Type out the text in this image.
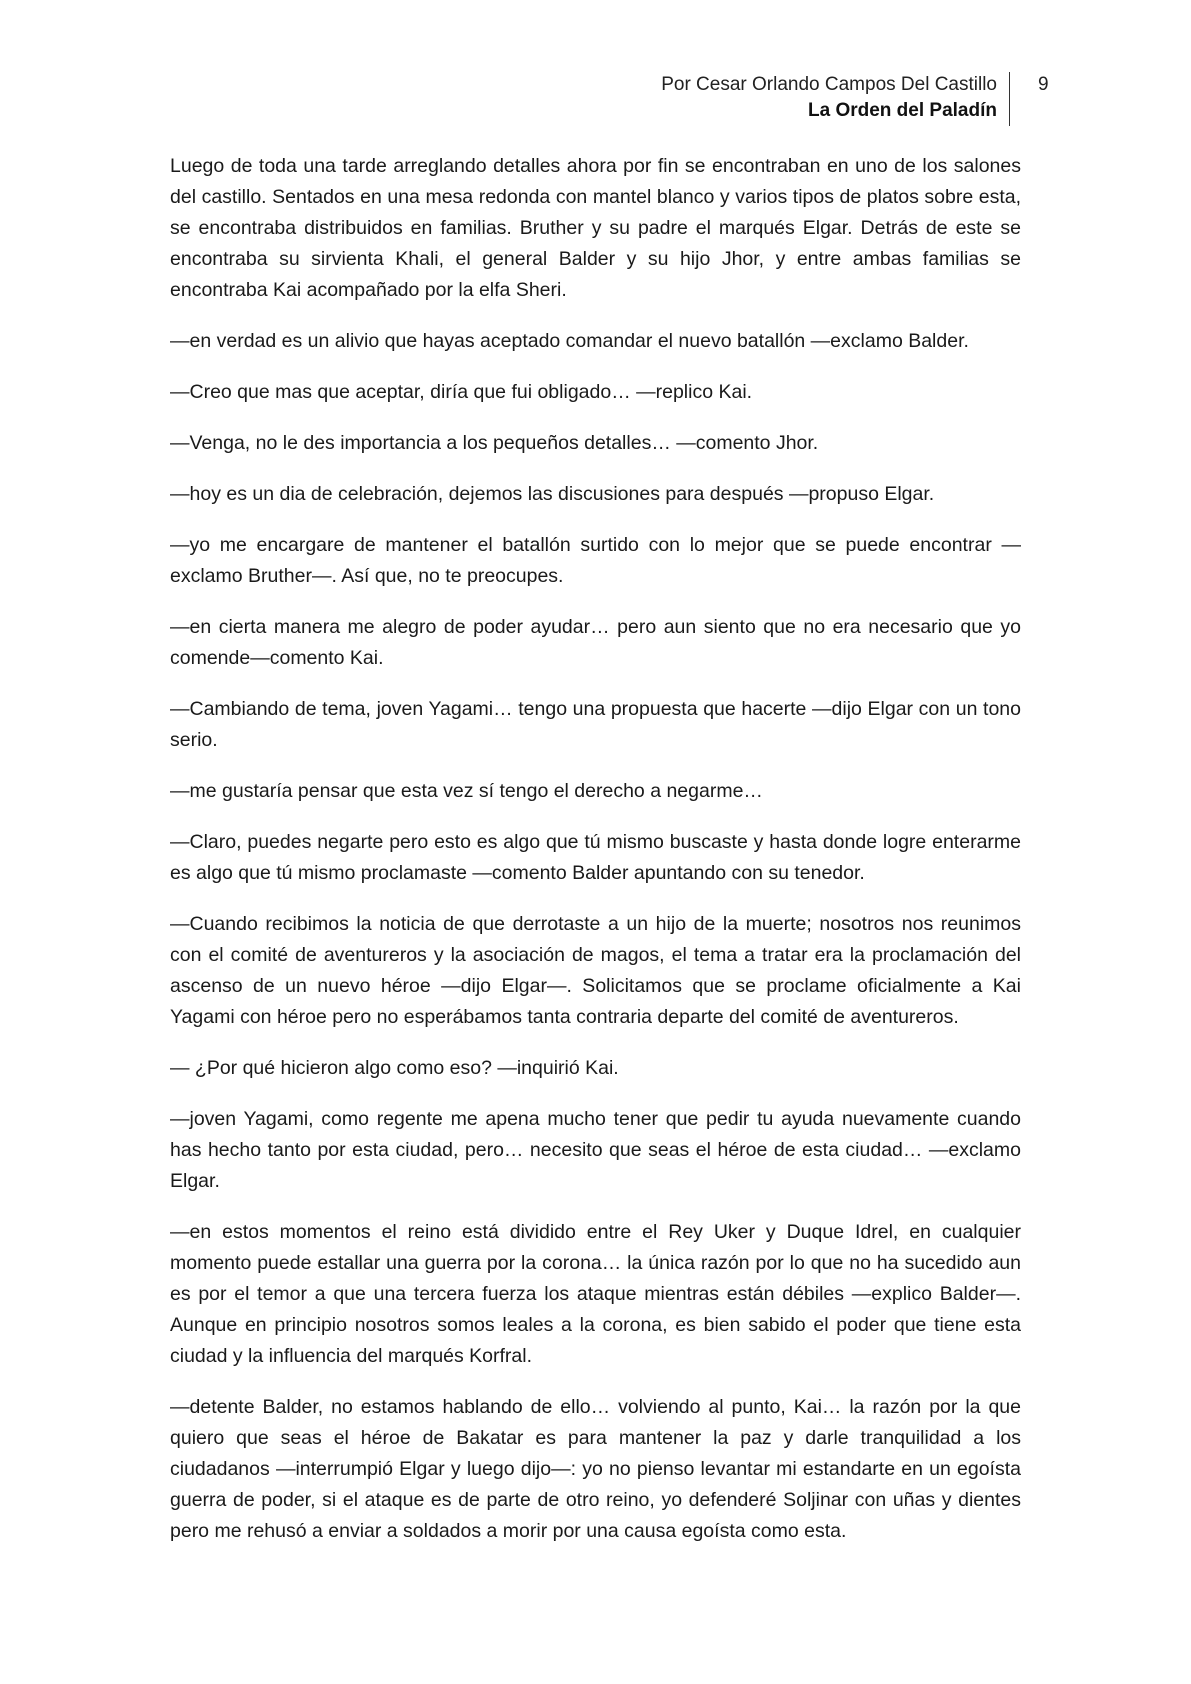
Por Cesar Orlando Campos Del Castillo
La Orden del Paladín
9

Luego de toda una tarde arreglando detalles ahora por fin se encontraban en uno de los salones del castillo. Sentados en una mesa redonda con mantel blanco y varios tipos de platos sobre esta, se encontraba distribuidos en familias. Bruther y su padre el marqués Elgar. Detrás de este se encontraba su sirvienta Khali, el general Balder y su hijo Jhor, y entre ambas familias se encontraba Kai acompañado por la elfa Sheri.

—en verdad es un alivio que hayas aceptado comandar el nuevo batallón —exclamo Balder.

—Creo que mas que aceptar, diría que fui obligado… —replico Kai.

—Venga, no le des importancia a los pequeños detalles… —comento Jhor.

—hoy es un dia de celebración, dejemos las discusiones para después —propuso Elgar.

—yo me encargare de mantener el batallón surtido con lo mejor que se puede encontrar —exclamo Bruther—. Así que, no te preocupes.

—en cierta manera me alegro de poder ayudar… pero aun siento que no era necesario que yo comende—comento Kai.

—Cambiando de tema, joven Yagami… tengo una propuesta que hacerte —dijo Elgar con un tono serio.

—me gustaría pensar que esta vez sí tengo el derecho a negarme…

—Claro, puedes negarte pero esto es algo que tú mismo buscaste y hasta donde logre enterarme es algo que tú mismo proclamaste —comento Balder apuntando con su tenedor.

—Cuando recibimos la noticia de que derrotaste a un hijo de la muerte; nosotros nos reunimos con el comité de aventureros y la asociación de magos, el tema a tratar era la proclamación del ascenso de un nuevo héroe —dijo Elgar—. Solicitamos que se proclame oficialmente a Kai Yagami con héroe pero no esperábamos tanta contraria departe del comité de aventureros.

— ¿Por qué hicieron algo como eso? —inquirió Kai.

—joven Yagami, como regente me apena mucho tener que pedir tu ayuda nuevamente cuando has hecho tanto por esta ciudad, pero… necesito que seas el héroe de esta ciudad… —exclamo Elgar.

—en estos momentos el reino está dividido entre el Rey Uker y Duque Idrel, en cualquier momento puede estallar una guerra por la corona… la única razón por lo que no ha sucedido aun es por el temor a que una tercera fuerza los ataque mientras están débiles —explico Balder—. Aunque en principio nosotros somos leales a la corona, es bien sabido el poder que tiene esta ciudad y la influencia del marqués Korfral.

—detente Balder, no estamos hablando de ello… volviendo al punto, Kai… la razón por la que quiero que seas el héroe de Bakatar es para mantener la paz y darle tranquilidad a los ciudadanos —interrumpió Elgar y luego dijo—: yo no pienso levantar mi estandarte en un egoísta guerra de poder, si el ataque es de parte de otro reino, yo defenderé Soljinar con uñas y dientes pero me rehusó a enviar a soldados a morir por una causa egoísta como esta.
